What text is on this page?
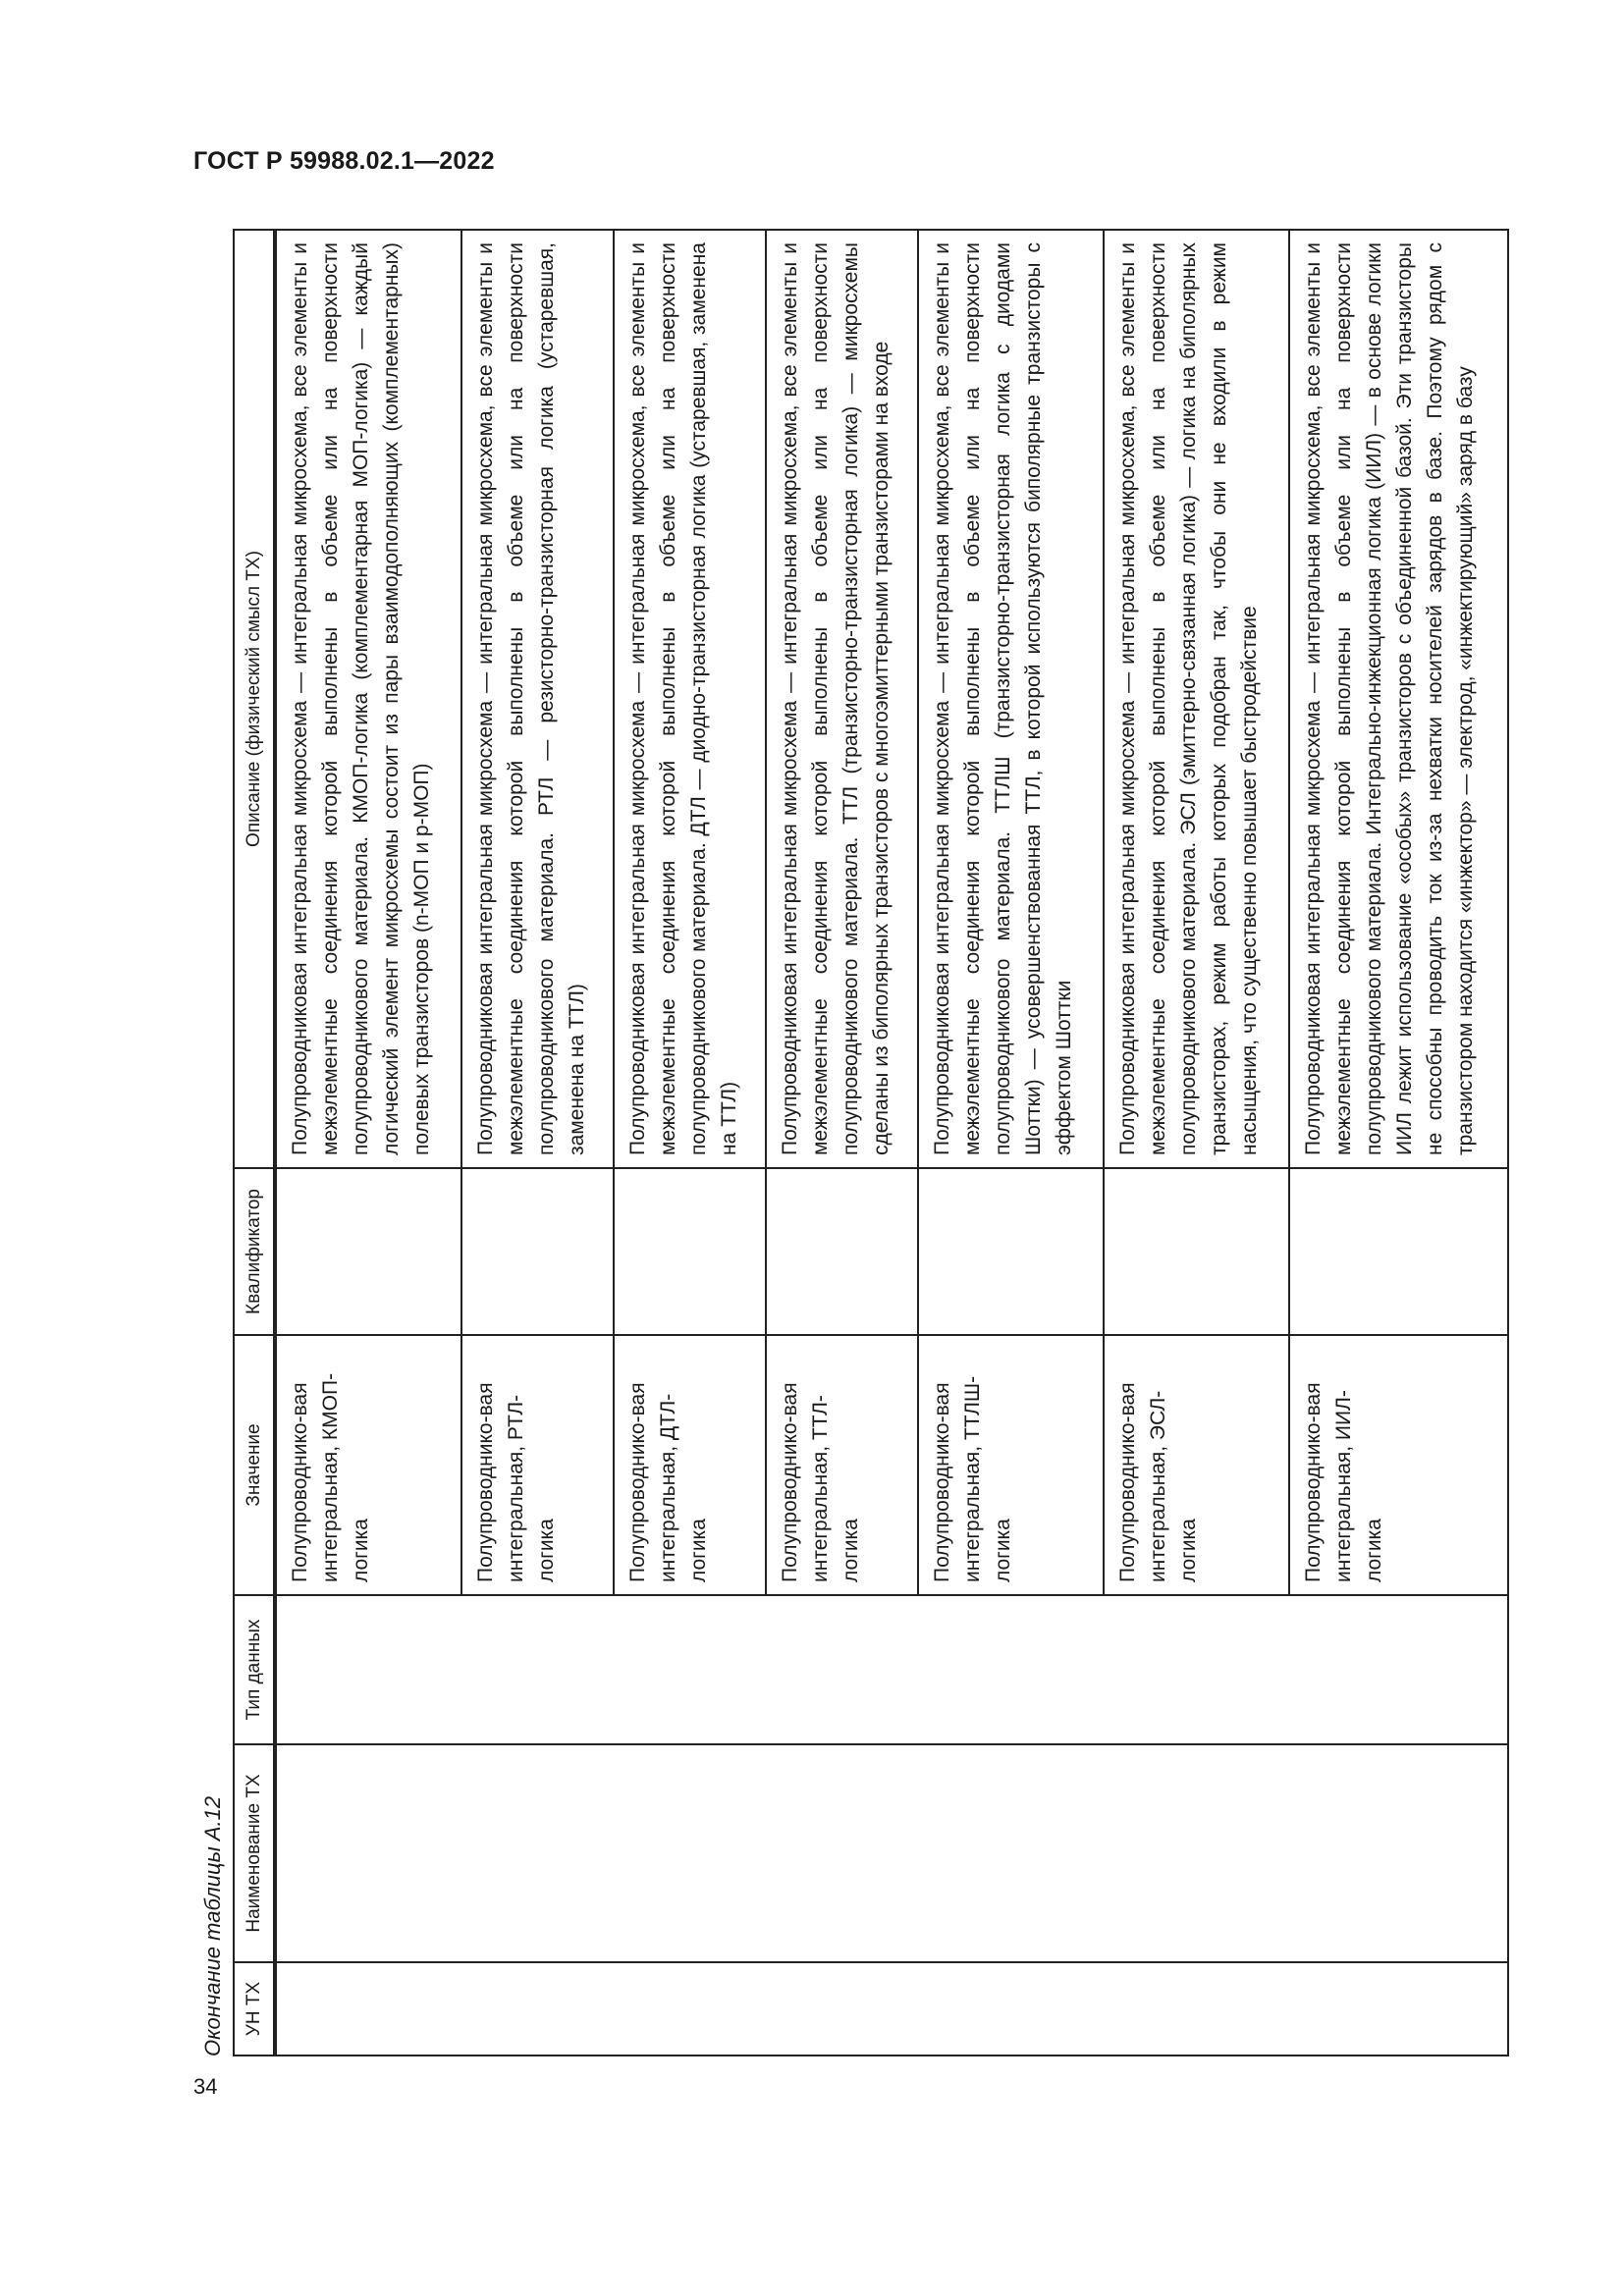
ГОСТ Р 59988.02.1—2022
Окончание таблицы А.12	УН ТХ	Наименование ТХ	Тип данных	Значение	Квалификатор	Описание (физический смысл ТХ)

			Полупроводнико-вая интегральная, КМОП-логика		Полупроводниковая интегральная микросхема — интегральная микросхема, все элементы и межэлементные соединения которой выполнены в объеме или на поверхности полупроводникового материала. КМОП-логика (комплементарная МОП-логика) — каждый логический элемент микросхемы состоит из пары взаимодополняющих (комплементарных) полевых транзисторов (n-МОП и p-МОП)
			Полупроводнико-вая интегральная, РТЛ-логика		Полупроводниковая интегральная микросхема — интегральная микросхема, все элементы и межэлементные соединения которой выполнены в объеме или на поверхности полупроводникового материала. РТЛ — резисторно-транзисторная логика (устаревшая, заменена на ТТЛ)
			Полупроводнико-вая интегральная, ДТЛ-логика		Полупроводниковая интегральная микросхема — интегральная микросхема, все элементы и межэлементные соединения которой выполнены в объеме или на поверхности полупроводникового материала. ДТЛ — диодно-транзисторная логика (устаревшая, заменена на ТТЛ)
			Полупроводнико-вая интегральная, ТТЛ-логика		Полупроводниковая интегральная микросхема — интегральная микросхема, все элементы и межэлементные соединения которой выполнены в объеме или на поверхности полупроводникового материала. ТТЛ (транзисторно-транзисторная логика) — микросхемы сделаны из биполярных транзисторов с многоэмиттерными транзисторами на входе
			Полупроводнико-вая интегральная, ТТЛШ-логика		Полупроводниковая интегральная микросхема — интегральная микросхема, все элементы и межэлементные соединения которой выполнены в объеме или на поверхности полупроводникового материала. ТТЛШ (транзисторно-транзисторная логика с диодами Шоттки) — усовершенствованная ТТЛ, в которой используются биполярные транзисторы с эффектом Шоттки
			Полупроводнико-вая интегральная, ЭСЛ-логика		Полупроводниковая интегральная микросхема — интегральная микросхема, все элементы и межэлементные соединения которой выполнены в объеме или на поверхности полупроводникового материала. ЭСЛ (эмиттерно-связанная логика) — логика на биполярных транзисторах, режим работы которых подобран так, чтобы они не входили в режим насыщения, что существенно повышает быстродействие
			Полупроводнико-вая интегральная, ИИЛ-логика		Полупроводниковая интегральная микросхема — интегральная микросхема, все элементы и межэлементные соединения которой выполнены в объеме или на поверхности полупроводникового материала. Интегрально-инжекционная логика (ИИЛ) — в основе логики ИИЛ лежит использование «особых» транзисторов с объединенной базой. Эти транзисторы не способны проводить ток из-за нехватки носителей зарядов в базе. Поэтому рядом с транзистором находится «инжектор» — электрод, «инжектирующий» заряд в базу
34
